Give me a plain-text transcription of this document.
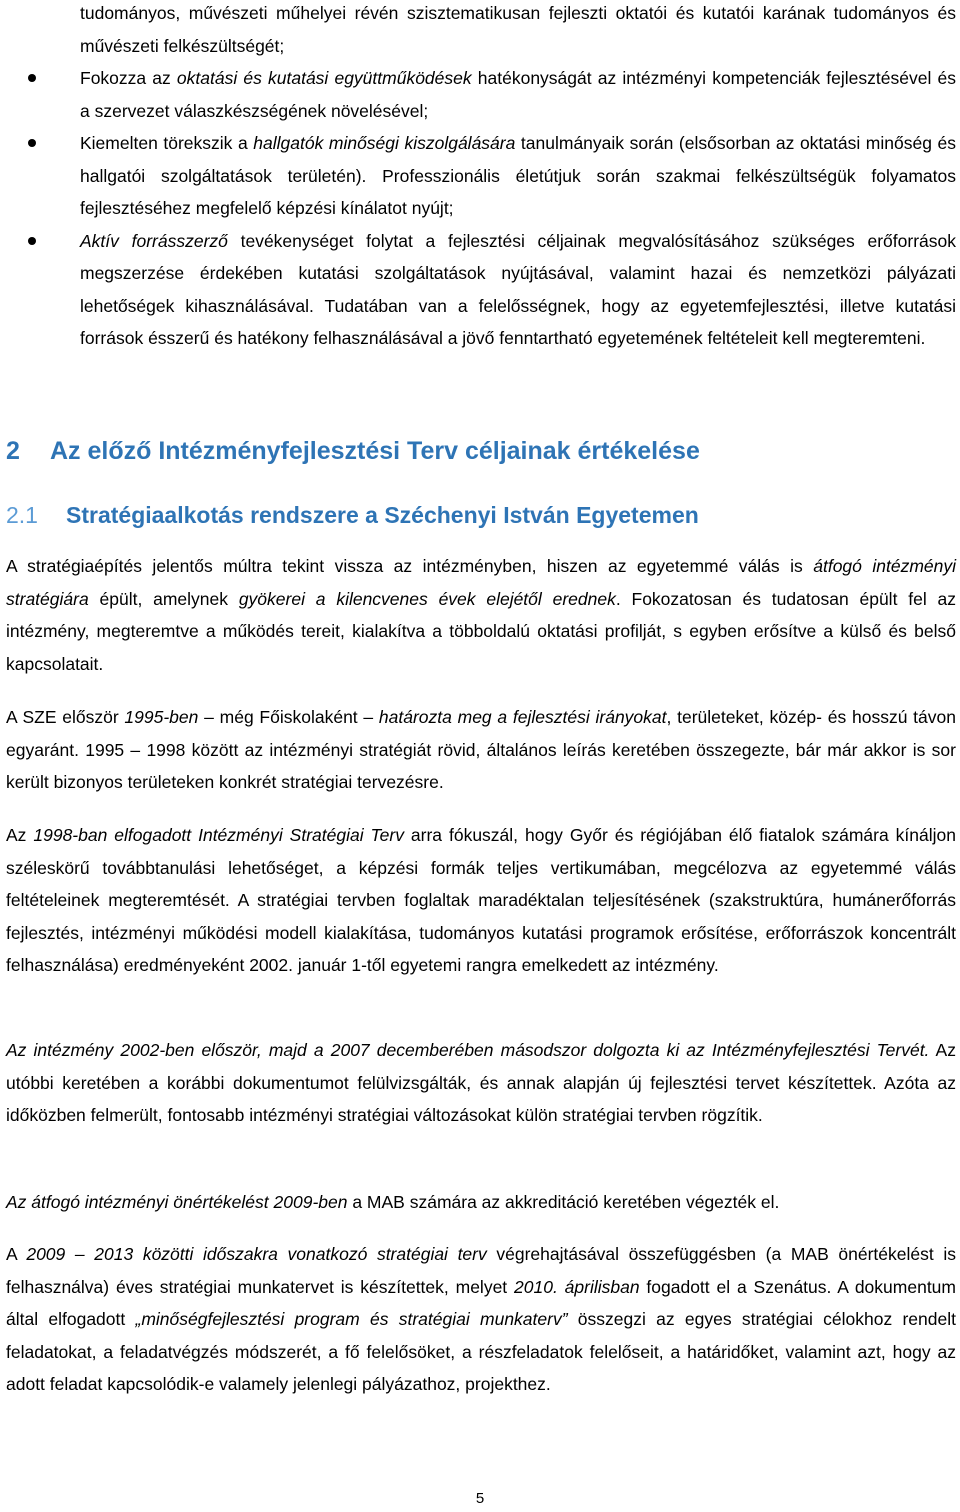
tudományos, művészeti műhelyei révén szisztematikusan fejleszti oktatói és kutatói karának tudományos és művészeti felkészültségét;
Fokozza az oktatási és kutatási együttműködések hatékonyságát az intézményi kompetenciák fejlesztésével és a szervezet válaszkészségének növelésével;
Kiemelten törekszik a hallgatók minőségi kiszolgálására tanulmányaik során (elsősorban az oktatási minőség és hallgatói szolgáltatások területén). Professzionális életútjuk során szakmai felkészültségük folyamatos fejlesztéséhez megfelelő képzési kínálatot nyújt;
Aktív forrásszerző tevékenységet folytat a fejlesztési céljainak megvalósításához szükséges erőforrások megszerzése érdekében kutatási szolgáltatások nyújtásával, valamint hazai és nemzetközi pályázati lehetőségek kihasználásával. Tudatában van a felelősségnek, hogy az egyetemfejlesztési, illetve kutatási források ésszerű és hatékony felhasználásával a jövő fenntartható egyetemének feltételeit kell megteremteni.
2 Az előző Intézményfejlesztési Terv céljainak értékelése
2.1 Stratégiaalkotás rendszere a Széchenyi István Egyetemen
A stratégiaépítés jelentős múltra tekint vissza az intézményben, hiszen az egyetemmé válás is átfogó intézményi stratégiára épült, amelynek gyökerei a kilencvenes évek elejétől erednek. Fokozatosan és tudatosan épült fel az intézmény, megteremtve a működés tereit, kialakítva a többoldalú oktatási profilját, s egyben erősítve a külső és belső kapcsolatait.
A SZE először 1995-ben – még Főiskolaként – határozta meg a fejlesztési irányokat, területeket, közép- és hosszú távon egyaránt. 1995 – 1998 között az intézményi stratégiát rövid, általános leírás keretében összegezte, bár már akkor is sor került bizonyos területeken konkrét stratégiai tervezésre.
Az 1998-ban elfogadott Intézményi Stratégiai Terv arra fókuszál, hogy Győr és régiójában élő fiatalok számára kínáljon széleskörű továbbtanulási lehetőséget, a képzési formák teljes vertikumában, megcélozva az egyetemmé válás feltételeinek megteremtését. A stratégiai tervben foglaltak maradéktalan teljesítésének (szakstruktúra, humánerőforrás fejlesztés, intézményi működési modell kialakítása, tudományos kutatási programok erősítése, erőforrászok koncentrált felhasználása) eredményeként 2002. január 1-től egyetemi rangra emelkedett az intézmény.
Az intézmény 2002-ben először, majd a 2007 decemberében másodszor dolgozta ki az Intézményfejlesztési Tervét. Az utóbbi keretében a korábbi dokumentumot felülvizsgálták, és annak alapján új fejlesztési tervet készítettek. Azóta az időközben felmerült, fontosabb intézményi stratégiai változásokat külön stratégiai tervben rögzítik.
Az átfogó intézményi önértékelést 2009-ben a MAB számára az akkreditáció keretében végezték el.
A 2009 – 2013 közötti időszakra vonatkozó stratégiai terv végrehajtásával összefüggésben (a MAB önértékelést is felhasználva) éves stratégiai munkatervet is készítettek, melyet 2010. áprilisban fogadott el a Szenátus. A dokumentum által elfogadott „minőségfejlesztési program és stratégiai munkaterv” összegzi az egyes stratégiai célokhoz rendelt feladatokat, a feladatvégzés módszerét, a fő felelősöket, a részfeladatok felelőseit, a határidőket, valamint azt, hogy az adott feladat kapcsolódik-e valamely jelenlegi pályázathoz, projekthez.
5
